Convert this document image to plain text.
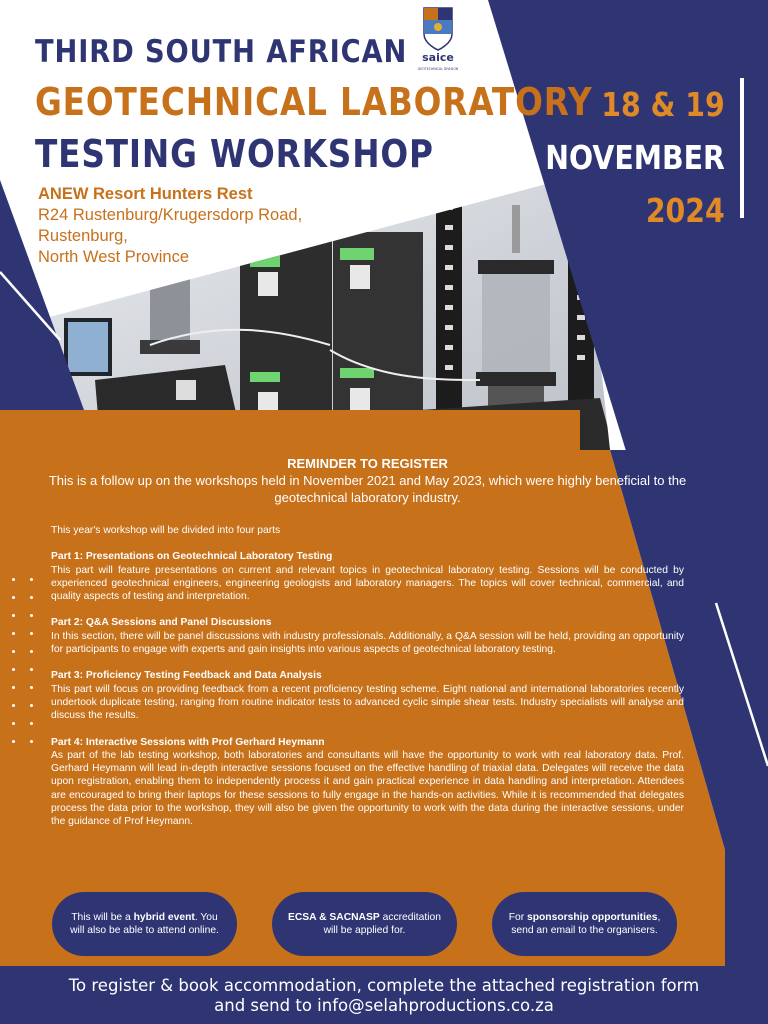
saice
GEOTECHNICAL DIVISION
THIRD SOUTH AFRICAN
GEOTECHNICAL LABORATORY
TESTING WORKSHOP
ANEW Resort Hunters Rest
R24 Rustenburg/Krugersdorp Road,
Rustenburg,
North West Province
18 & 19
NOVEMBER
2024
REMINDER TO REGISTER

This is a follow up on the workshops held in November 2021 and May 2023, which were highly beneficial to the geotechnical laboratory industry.

This year's workshop will be divided into four parts

Part 1: Presentations on Geotechnical Laboratory Testing

This part will feature presentations on current and relevant topics in geotechnical laboratory testing. Sessions will be conducted by experienced geotechnical engineers, engineering geologists and laboratory managers. The topics will cover technical, commercial, and quality aspects of testing and interpretation.

Part 2: Q&A Sessions and Panel Discussions

In this section, there will be panel discussions with industry professionals. Additionally, a Q&A session will be held, providing an opportunity for participants to engage with experts and gain insights into various aspects of geotechnical laboratory testing.

Part 3: Proficiency Testing Feedback and Data Analysis

This part will focus on providing feedback from a recent proficiency testing scheme. Eight national and international laboratories recently undertook duplicate testing, ranging from routine indicator tests to advanced cyclic simple shear tests. Industry specialists will analyse and discuss the results.

Part 4: Interactive Sessions with Prof Gerhard Heymann

As part of the lab testing workshop, both laboratories and consultants will have the opportunity to work with real laboratory data. Prof. Gerhard Heymann will lead in-depth interactive sessions focused on the effective handling of triaxial data. Delegates will receive the data upon registration, enabling them to independently process it and gain practical experience in data handling and interpretation. Attendees are encouraged to bring their laptops for these sessions to fully engage in the hands-on activities. While it is recommended that delegates process the data prior to the workshop, they will also be given the opportunity to work with the data during the interactive sessions, under the guidance of Prof Heymann.

This will be a hybrid event. You will also be able to attend online.
ECSA & SACNASP accreditation will be applied for.
For sponsorship opportunities, send an email to the organisers.
To register & book accommodation, complete the attached registration form
and send to info@selahproductions.co.za
